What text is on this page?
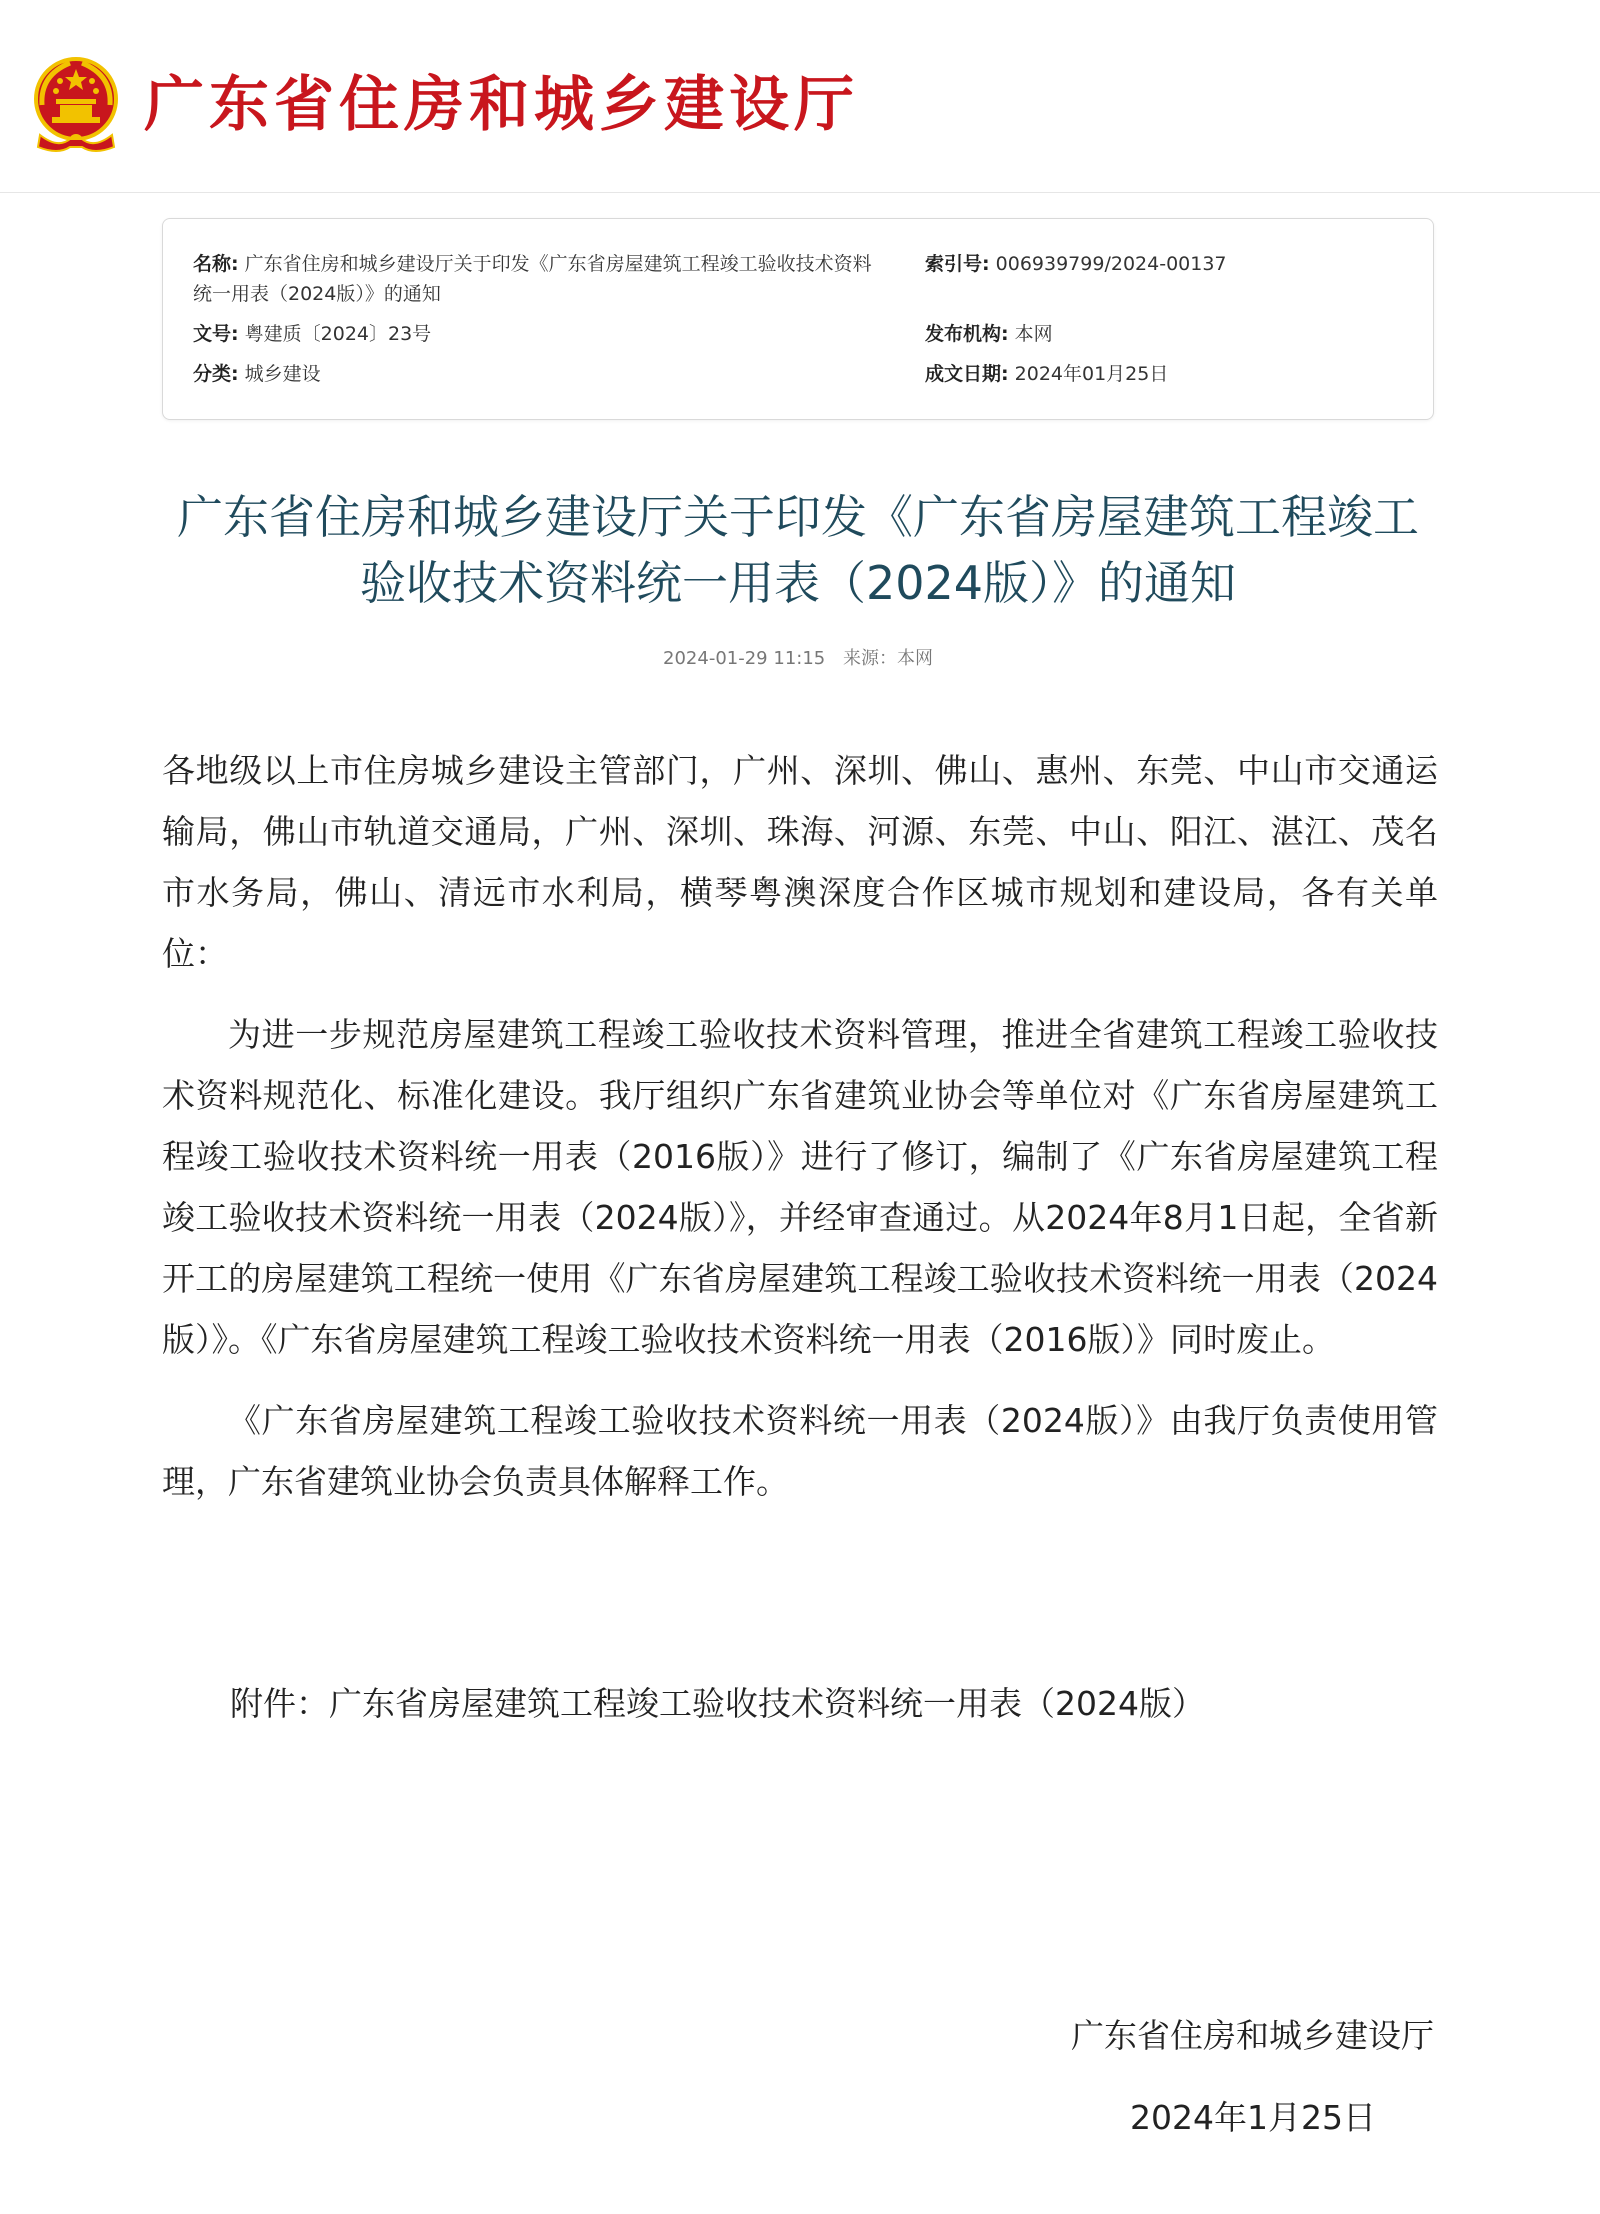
广东省住房和城乡建设厅
名称: 广东省住房和城乡建设厅关于印发《广东省房屋建筑工程竣工验收技术资料统一用表（2024版）》的通知
索引号: 006939799/2024-00137
文号: 粤建质〔2024〕23号	发布机构: 本网
分类: 城乡建设	成文日期: 2024年01月25日
广东省住房和城乡建设厅关于印发《广东省房屋建筑工程竣工验收技术资料统一用表（2024版）》的通知
2024-01-29 11:15 来源：本网

各地级以上市住房城乡建设主管部门，广州、深圳、佛山、惠州、东莞、中山市交通运输局，佛山市轨道交通局，广州、深圳、珠海、河源、东莞、中山、阳江、湛江、茂名市水务局，佛山、清远市水利局，横琴粤澳深度合作区城市规划和建设局，各有关单位：

为进一步规范房屋建筑工程竣工验收技术资料管理，推进全省建筑工程竣工验收技术资料规范化、标准化建设。我厅组织广东省建筑业协会等单位对《广东省房屋建筑工程竣工验收技术资料统一用表（2016版）》进行了修订，编制了《广东省房屋建筑工程竣工验收技术资料统一用表（2024版）》，并经审查通过。从2024年8月1日起，全省新开工的房屋建筑工程统一使用《广东省房屋建筑工程竣工验收技术资料统一用表（2024版）》。《广东省房屋建筑工程竣工验收技术资料统一用表（2016版）》同时废止。

《广东省房屋建筑工程竣工验收技术资料统一用表（2024版）》由我厅负责使用管理，广东省建筑业协会负责具体解释工作。

附件：广东省房屋建筑工程竣工验收技术资料统一用表（2024版）
广东省住房和城乡建设厅
2024年1月25日
